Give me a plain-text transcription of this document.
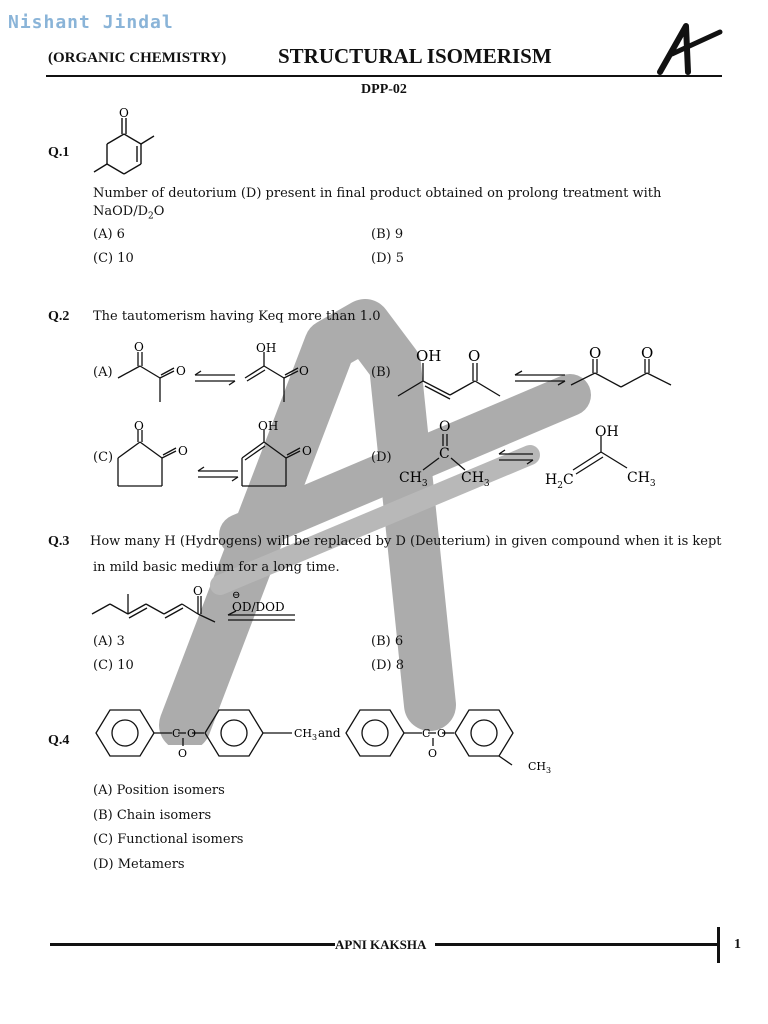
Nishant Jindal
(ORGANIC CHEMISTRY) STRUCTURAL ISOMERISM
DPP-02
Q.1
O
Number of deutorium (D) present in final product obtained on prolong treatment with
NaOD/$D_2O$
(A) 6	(B) 9
(C) 10	(D) 5
Q.2 The tautomerism having Keq more than 1.0
(A)
O
O
OH
O	(B)
OH O	O	O
(C)
O
O
OH
O	(D)
O
C
$CH_3$ $CH_3$
OH
$H_2C$	$CH_3$
Q.3 How many H (Hydrogens) will be replaced by D (Deuterium) in given compound when it is kept
in mild basic medium for a long time.
O	⊖
OD/DOD
(A) 3	(B) 6
(C) 10	(D) 8
Q.4	C O
O
$CH_3$ and	C O
O
$CH_3$
(A) Position isomers
(B) Chain isomers
(C) Functional isomers
(D) Metamers
APNI KAKSHA	1
